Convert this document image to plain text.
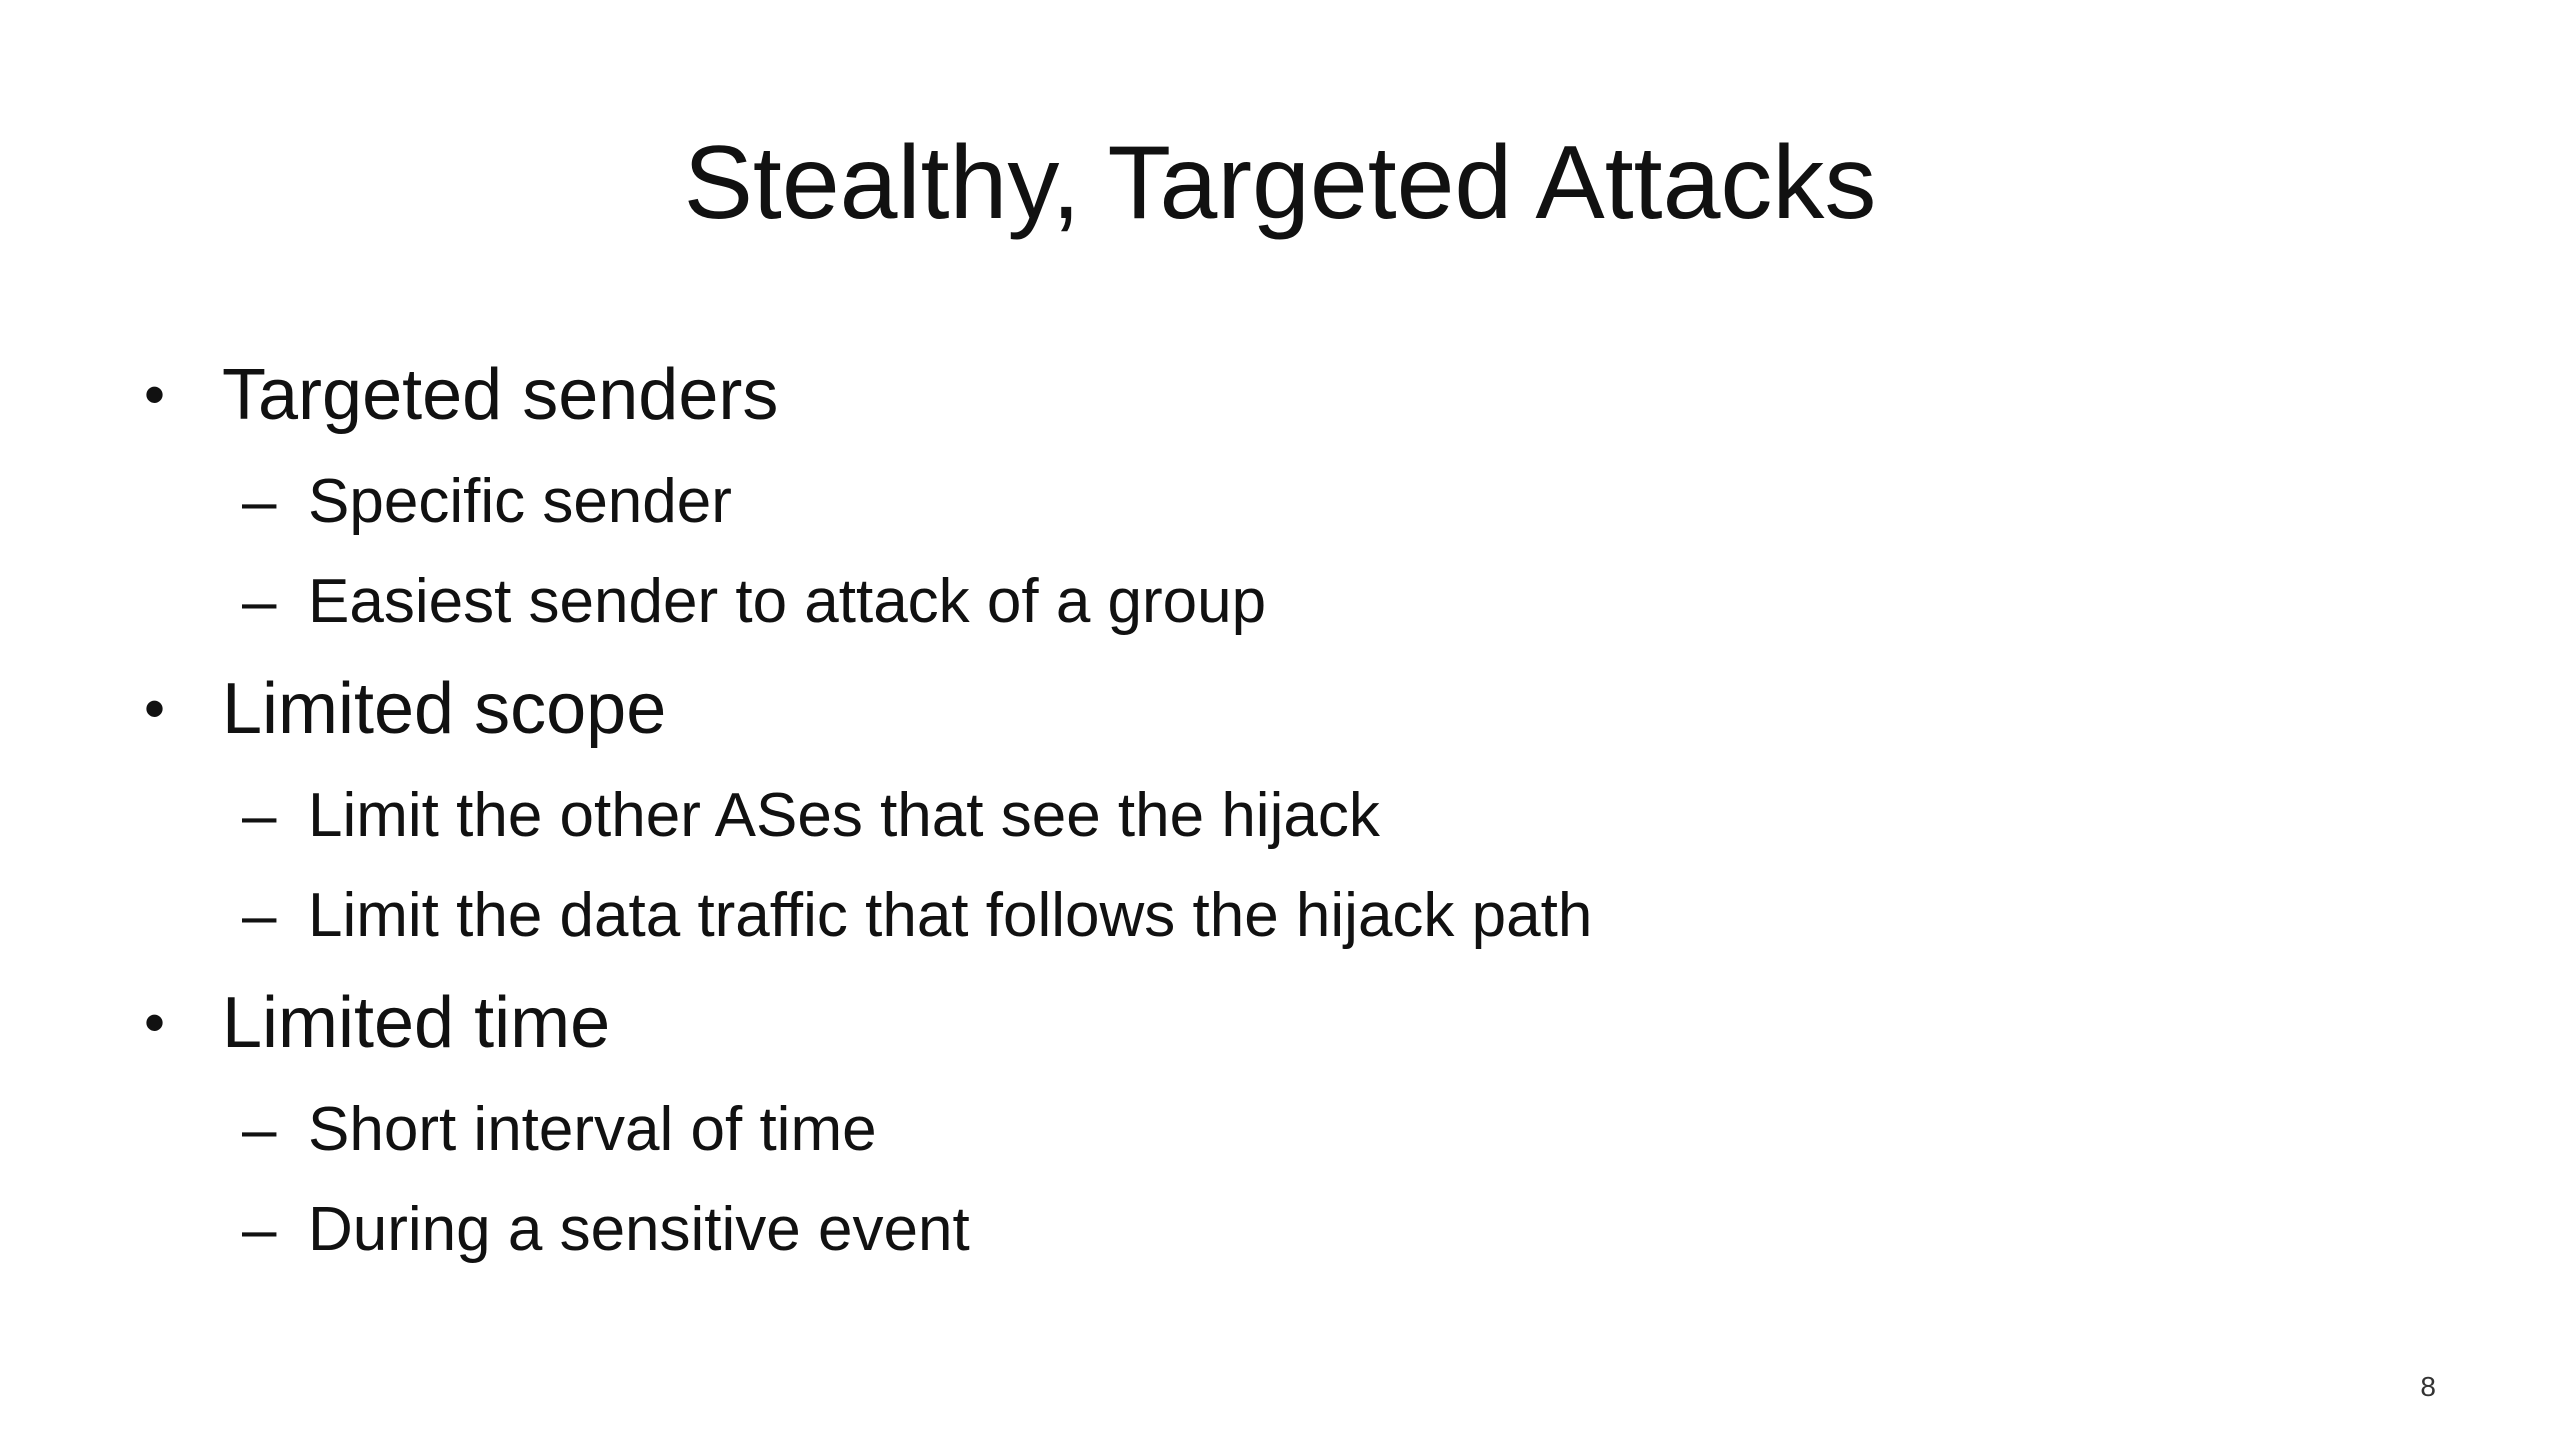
Stealthy, Targeted Attacks
• Targeted senders
– Specific sender
– Easiest sender to attack of a group
• Limited scope
– Limit the other ASes that see the hijack
– Limit the data traffic that follows the hijack path
• Limited time
– Short interval of time
– During a sensitive event
8
